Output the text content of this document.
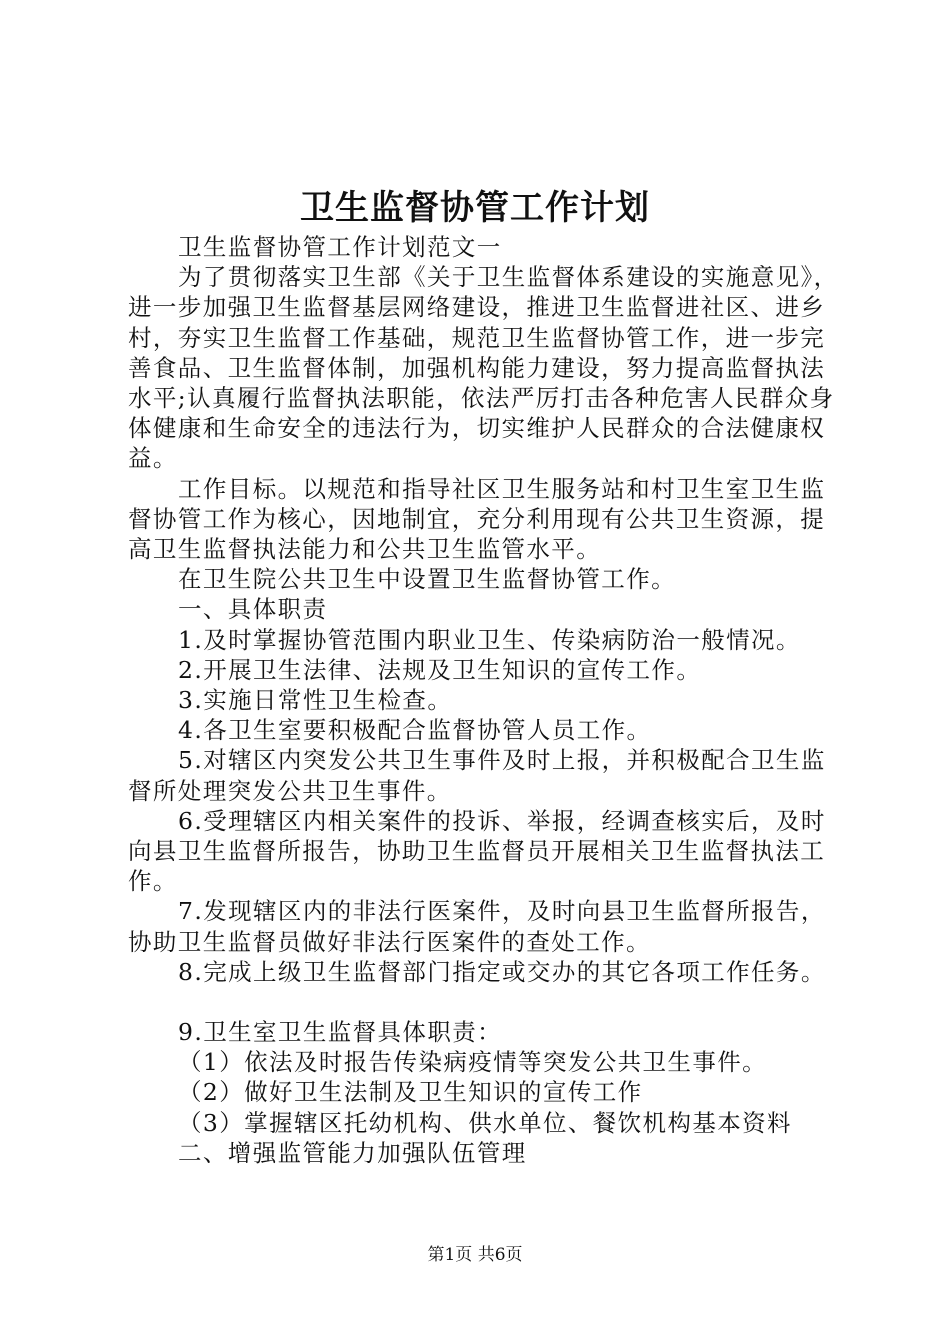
卫生监督协管工作计划

卫生监督协管工作计划范文一

为了贯彻落实卫生部《关于卫生监督体系建设的实施意见》，进一步加强卫生监督基层网络建设，推进卫生监督进社区、进乡村，夯实卫生监督工作基础，规范卫生监督协管工作，进一步完善食品、卫生监督体制，加强机构能力建设，努力提高监督执法水平;认真履行监督执法职能，依法严厉打击各种危害人民群众身体健康和生命安全的违法行为，切实维护人民群众的合法健康权益。

工作目标。以规范和指导社区卫生服务站和村卫生室卫生监督协管工作为核心，因地制宜，充分利用现有公共卫生资源，提高卫生监督执法能力和公共卫生监管水平。

在卫生院公共卫生中设置卫生监督协管工作。

一、具体职责

1.及时掌握协管范围内职业卫生、传染病防治一般情况。

2.开展卫生法律、法规及卫生知识的宣传工作。

3.实施日常性卫生检查。

4.各卫生室要积极配合监督协管人员工作。

5.对辖区内突发公共卫生事件及时上报，并积极配合卫生监督所处理突发公共卫生事件。

6.受理辖区内相关案件的投诉、举报，经调查核实后，及时向县卫生监督所报告，协助卫生监督员开展相关卫生监督执法工作。

7.发现辖区内的非法行医案件，及时向县卫生监督所报告，协助卫生监督员做好非法行医案件的查处工作。

8.完成上级卫生监督部门指定或交办的其它各项工作任务。

9.卫生室卫生监督具体职责：

（1）依法及时报告传染病疫情等突发公共卫生事件。

（2）做好卫生法制及卫生知识的宣传工作

（3）掌握辖区托幼机构、供水单位、餐饮机构基本资料

二、增强监管能力加强队伍管理

第1页 共6页
